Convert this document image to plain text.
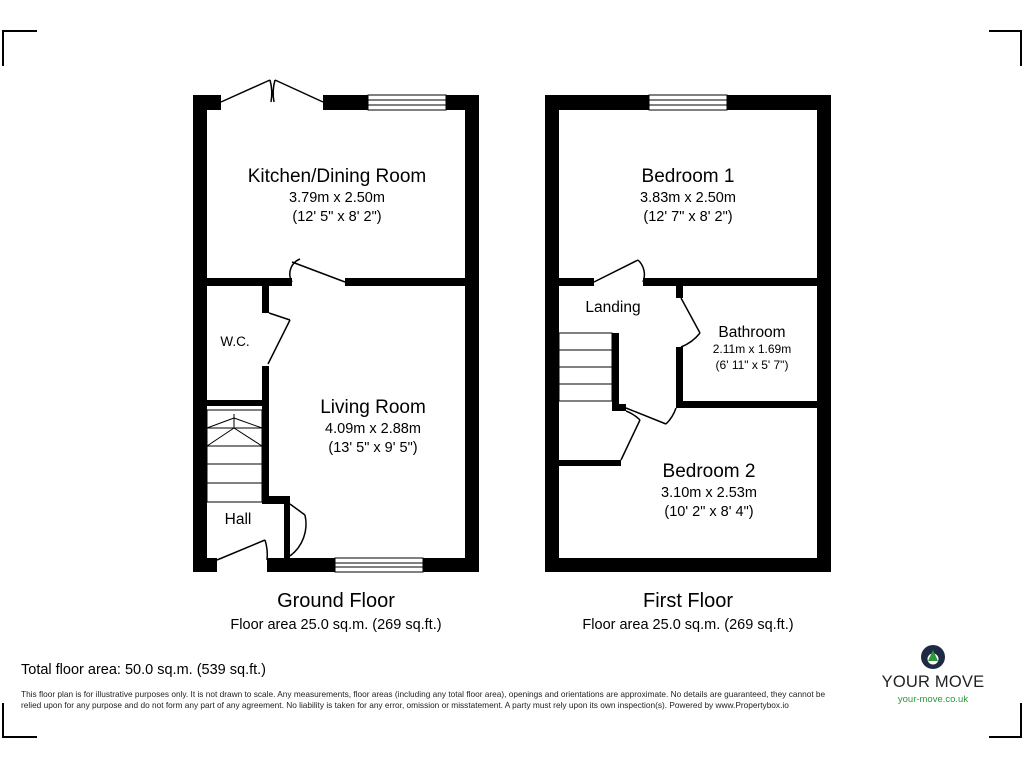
Kitchen/Dining Room
3.79m x 2.50m
(12' 5" x 8' 2")
Living Room
4.09m x 2.88m
(13' 5" x 9' 5")
W.C.
Hall
Bedroom 1
3.83m x 2.50m
(12' 7" x 8' 2")
Landing
Bathroom
2.11m x 1.69m
(6' 11" x 5' 7")
Bedroom 2
3.10m x 2.53m
(10' 2" x 8' 4")
Ground Floor
Floor area 25.0 sq.m. (269 sq.ft.)
First Floor
Floor area 25.0 sq.m. (269 sq.ft.)
Total floor area: 50.0 sq.m. (539 sq.ft.)
This floor plan is for illustrative purposes only. It is not drawn to scale. Any measurements, floor areas (including any total floor area), openings and orientations are approximate. No details are guaranteed, they cannot be relied upon for any purpose and do not form any part of any agreement. No liability is taken for any error, omission or misstatement. A party must rely upon its own inspection(s). Powered by www.Propertybox.io
YOUR MOVE
your-move.co.uk
